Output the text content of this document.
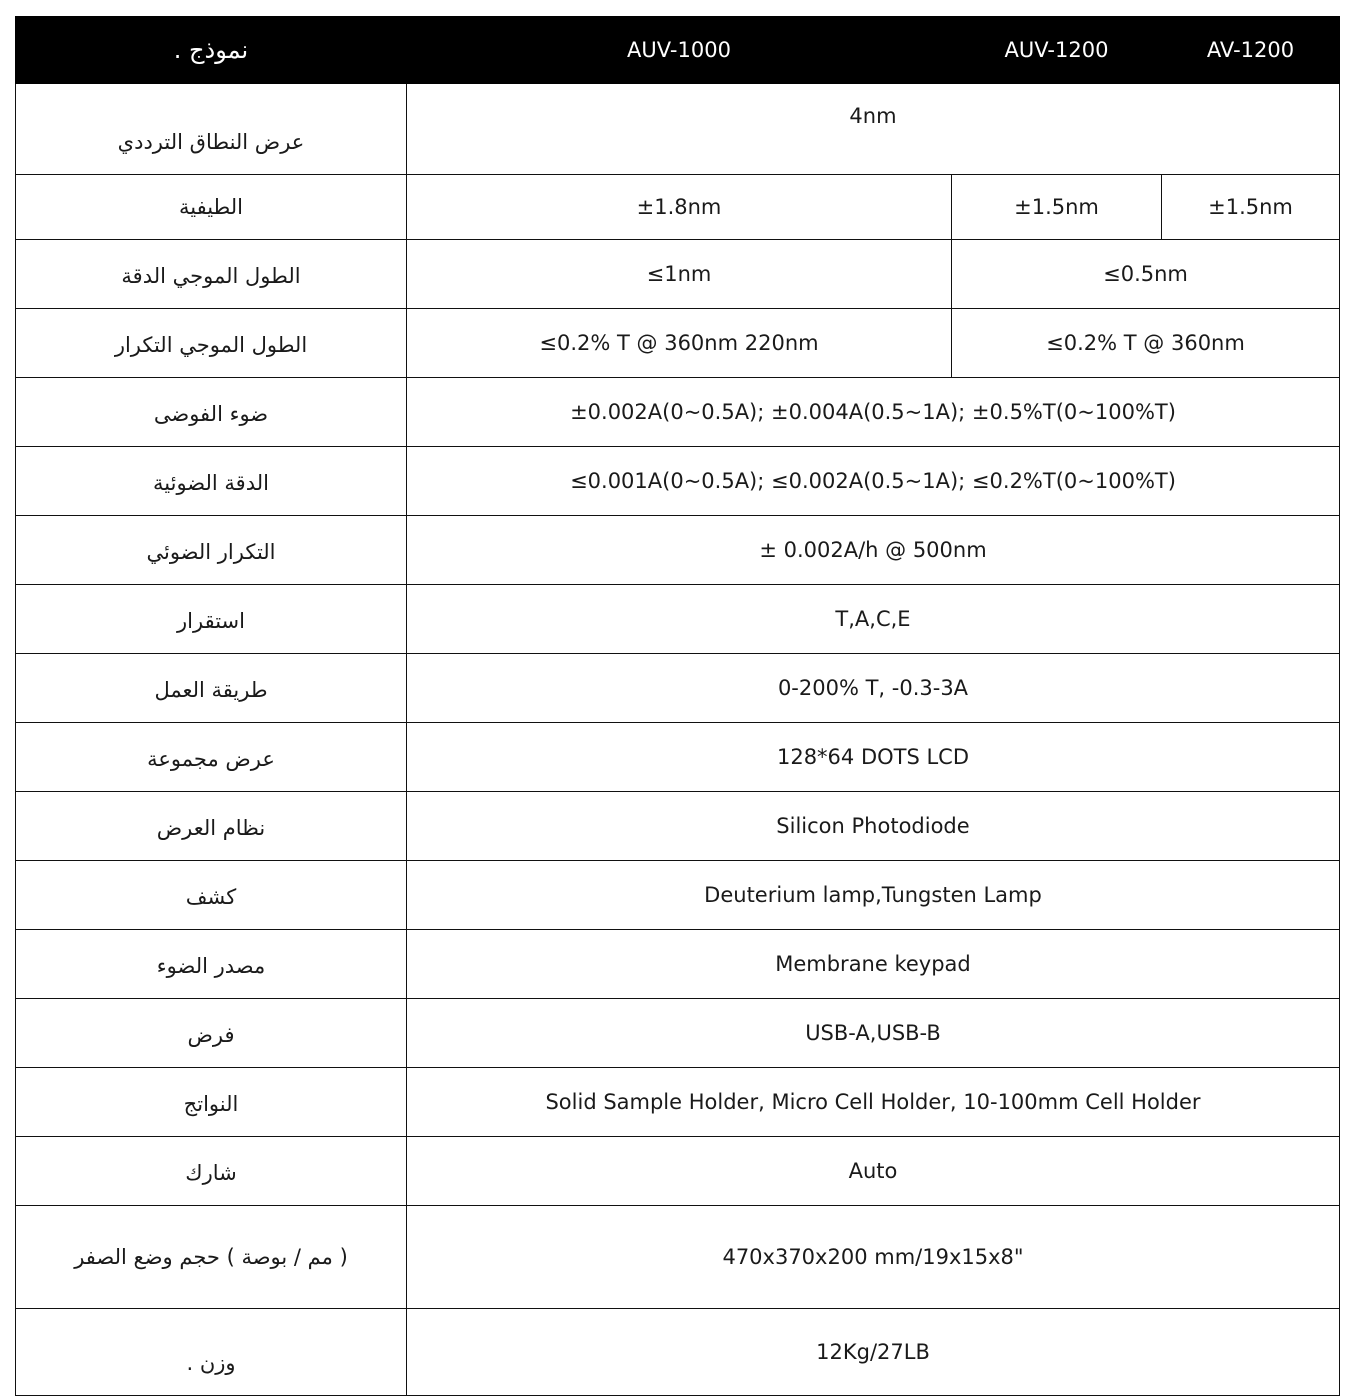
نموذج .	AUV-1000	AUV-1200	AV-1200
عرض النطاق الترددي	4nm		
الطيفية	±1.8nm	±1.5nm	±1.5nm
الطول الموجي الدقة	≤1nm	≤0.5nm	
الطول الموجي التكرار	≤0.2% T @ 360nm 220nm	≤0.2% T @ 360nm	
ضوء الفوضى	±0.002A(0~0.5A); ±0.004A(0.5~1A); ±0.5%T(0~100%T)		
الدقة الضوئية	≤0.001A(0~0.5A); ≤0.002A(0.5~1A); ≤0.2%T(0~100%T)		
التكرار الضوئي	± 0.002A/h @ 500nm		
استقرار	T,A,C,E		
طريقة العمل	0-200% T, -0.3-3A		
عرض مجموعة	128*64 DOTS LCD		
نظام العرض	Silicon Photodiode		
كشف	Deuterium lamp,Tungsten Lamp		
مصدر الضوء	Membrane keypad		
فرض	USB-A,USB-B		
النواتج	Solid Sample Holder, Micro Cell Holder, 10-100mm Cell Holder		
شارك	Auto		
وضع الصفر حجم ( مم / بوصة )	470x370x200 mm/19x15x8"		
وزن .	12Kg/27LB		
